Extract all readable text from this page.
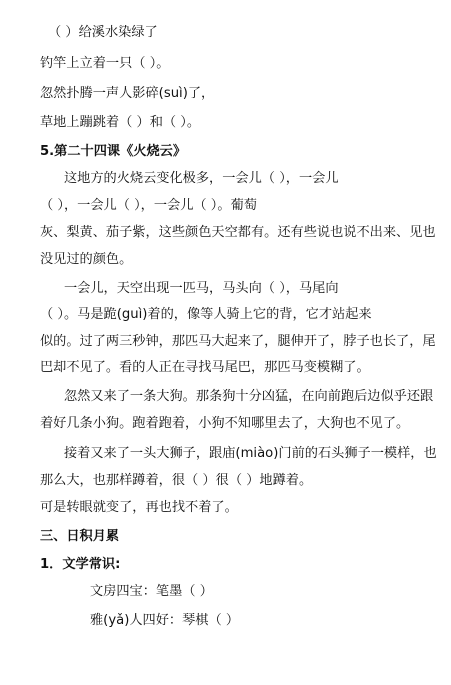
（ ）给溪水染绿了
钓竿上立着一只（ ）。
忽然扑腾一声人影碎(suì)了，
草地上蹦跳着（ ）和（ ）。
5.第二十四课《火烧云》
这地方的火烧云变化极多，一会儿（ ），一会儿
（ ），一会儿（ ），一会儿（ ）。葡萄
灰、梨黄、茄子紫，这些颜色天空都有。还有些说也说不出来、见也
没见过的颜色。
一会儿，天空出现一匹马，马头向（ ），马尾向
（ ）。马是跪(guì)着的，像等人骑上它的背，它才站起来
似的。过了两三秒钟，那匹马大起来了，腿伸开了，脖子也长了，尾
巴却不见了。看的人正在寻找马尾巴，那匹马变模糊了。
忽然又来了一条大狗。那条狗十分凶猛，在向前跑后边似乎还跟
着好几条小狗。跑着跑着，小狗不知哪里去了，大狗也不见了。
接着又来了一头大狮子，跟庙(miào)门前的石头狮子一模样，也
那么大，也那样蹲着，很（ ）很（ ）地蹲着。
可是转眼就变了，再也找不着了。
三、日积月累
1．文学常识:
文房四宝：笔墨（ ）
雅(yǎ)人四好：琴棋（ ）
